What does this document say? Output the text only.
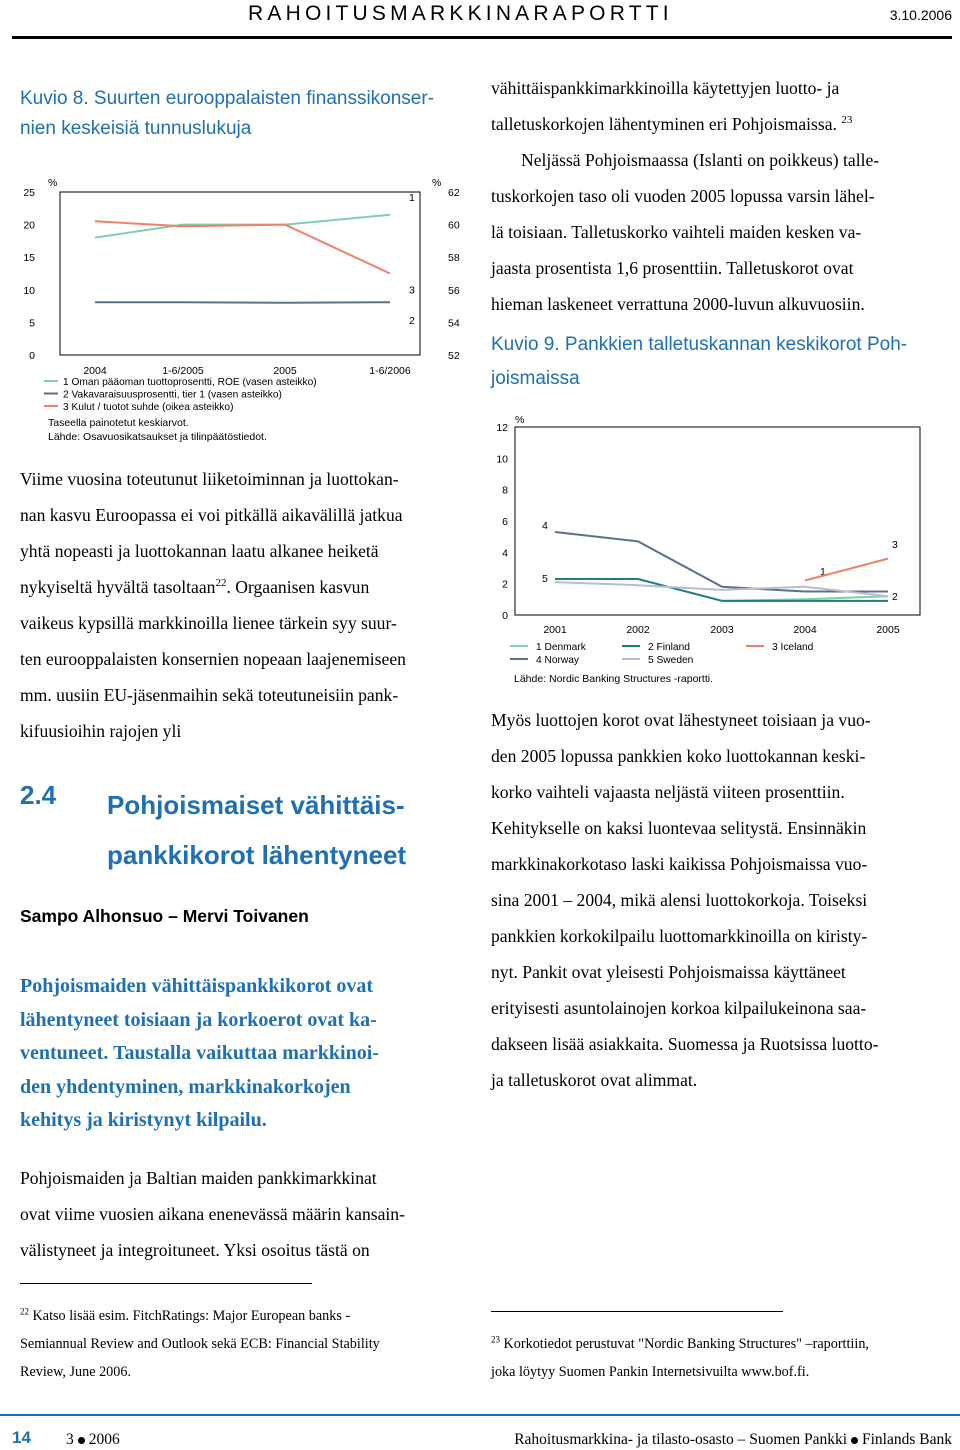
RAHOITUSMARKKINARAPORTTI	3.10.2006
Kuvio 8. Suurten eurooppalaisten finanssikonser-
nien keskeisiä tunnuslukuja
25
20
15
10
5
0
62
60
58
56
54
52
1
2
3
%	%
2004	1-6/2005	2005	1-6/2006
1 Oman pääoman tuottoprosentti, ROE (vasen asteikko)
2 Vakavaraisuusprosentti, tier 1 (vasen asteikko)
3 Kulut / tuotot suhde (oikea asteikko)
Taseella painotetut keskiarvot.
Lähde: Osavuosikatsaukset ja tilinpäätöstiedot.

Viime vuosina toteutunut liiketoiminnan ja luottokan-

nan kasvu Euroopassa ei voi pitkällä aikavälillä jatkua

yhtä nopeasti ja luottokannan laatu alkanee heiketä

nykyiseltä hyvältä tasoltaan$^{22}$. Orgaanisen kasvun

vaikeus kypsillä markkinoilla lienee tärkein syy suur-

ten eurooppalaisten konsernien nopeaan laajenemiseen

mm. uusiin EU-jäsenmaihin sekä toteutuneisiin pank-

kifuusioihin rajojen yli

2.4 Pohjoismaiset vähittäis-
pankkikorot lähentyneet
Sampo Alhonsuo – Mervi Toivanen

Pohjoismaiden vähittäispankkikorot ovat

lähentyneet toisiaan ja korkoerot ovat ka-

ventuneet. Taustalla vaikuttaa markkinoi-

den yhdentyminen, markkinakorkojen

kehitys ja kiristynyt kilpailu.

Pohjoismaiden ja Baltian maiden pankkimarkkinat

ovat viime vuosien aikana enenevässä määrin kansain-

välistyneet ja integroituneet. Yksi osoitus tästä on

$^{22}$ Katso lisää esim. FitchRatings: Major European banks -

Semiannual Review and Outlook sekä ECB: Financial Stability

Review, June 2006.

vähittäispankkimarkkinoilla käytettyjen luotto- ja

talletuskorkojen lähentyminen eri Pohjoismaissa. $^{23}$

Neljässä Pohjoismaassa (Islanti on poikkeus) talle-

tuskorkojen taso oli vuoden 2005 lopussa varsin lähel-

lä toisiaan. Talletuskorko vaihteli maiden kesken va-

jaasta prosentista 1,6 prosenttiin. Talletuskorot ovat

hieman laskeneet verrattuna 2000-luvun alkuvuosiin.

Kuvio 9. Pankkien talletuskannan keskikorot Poh-
joismaissa
12
10
8
6
4
2
0
1
2
3
4
5
%
2001	2002	2003	2004	2005
1 Denmark	2 Finland	3 Iceland
4 Norway	5 Sweden
Lähde: Nordic Banking Structures -raportti.

Myös luottojen korot ovat lähestyneet toisiaan ja vuo-

den 2005 lopussa pankkien koko luottokannan keski-

korko vaihteli vajaasta neljästä viiteen prosenttiin.

Kehitykselle on kaksi luontevaa selitystä. Ensinnäkin

markkinakorkotaso laski kaikissa Pohjoismaissa vuo-

sina 2001 – 2004, mikä alensi luottokorkoja. Toiseksi

pankkien korkokilpailu luottomarkkinoilla on kiristy-

nyt. Pankit ovat yleisesti Pohjoismaissa käyttäneet

erityisesti asuntolainojen korkoa kilpailukeinona saa-

dakseen lisää asiakkaita. Suomessa ja Ruotsissa luotto-

ja talletuskorot ovat alimmat.

$^{23}$ Korkotiedot perustuvat "Nordic Banking Structures" –raporttiin,

joka löytyy Suomen Pankin Internetsivuilta www.bof.fi.

14 3 2006	Rahoitusmarkkina- ja tilasto-osasto – Suomen Pankki Finlands Bank
